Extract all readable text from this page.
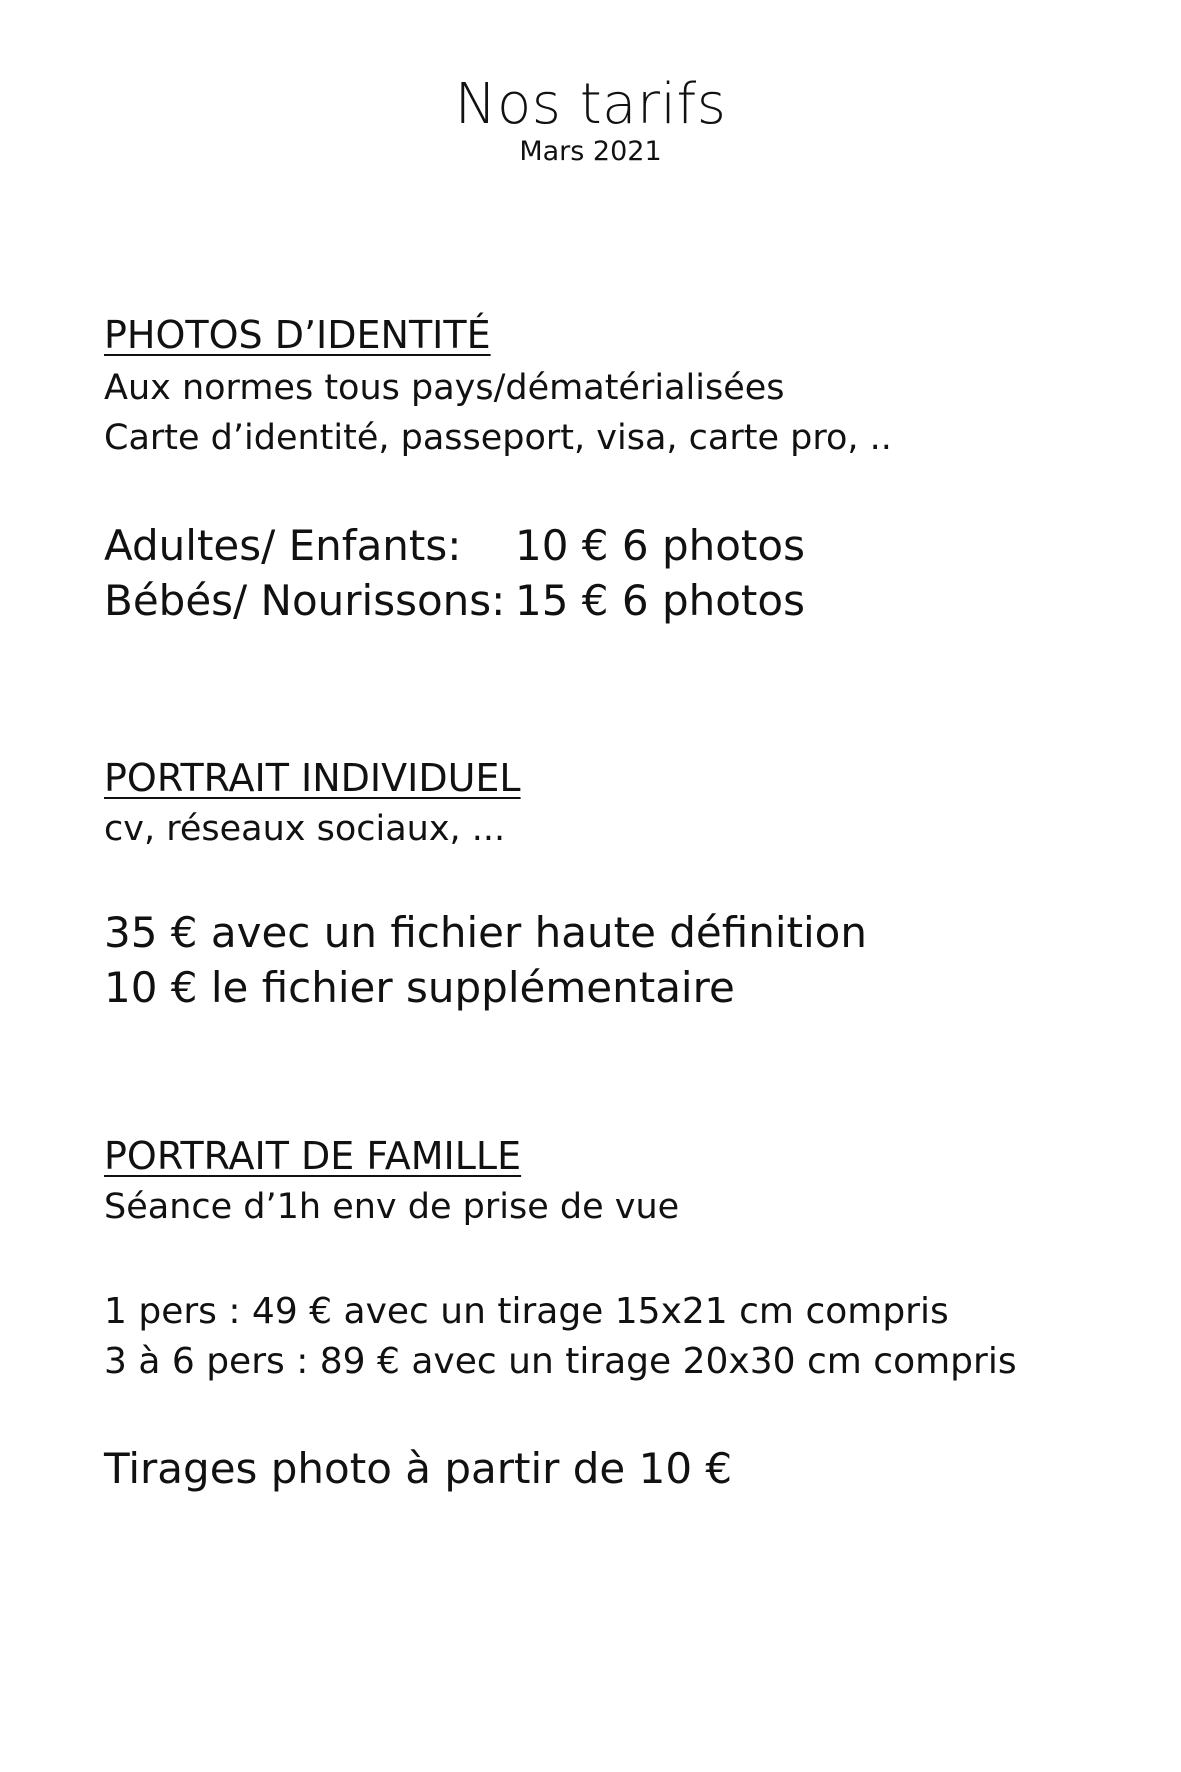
Nos tarifs
Mars 2021
PHOTOS D’IDENTITÉ
Aux normes tous pays/dématérialisées
Carte d’identité, passeport, visa, carte pro, ..
Adultes/ Enfants: 10 € 6 photos
Bébés/ Nourissons: 15 € 6 photos
PORTRAIT INDIVIDUEL
cv, réseaux sociaux, ...
35 € avec un fichier haute définition
10 € le fichier supplémentaire
PORTRAIT DE FAMILLE
Séance d’1h env de prise de vue
1 pers : 49 € avec un tirage 15x21 cm compris
3 à 6 pers : 89 € avec un tirage 20x30 cm compris
Tirages photo à partir de 10 €
